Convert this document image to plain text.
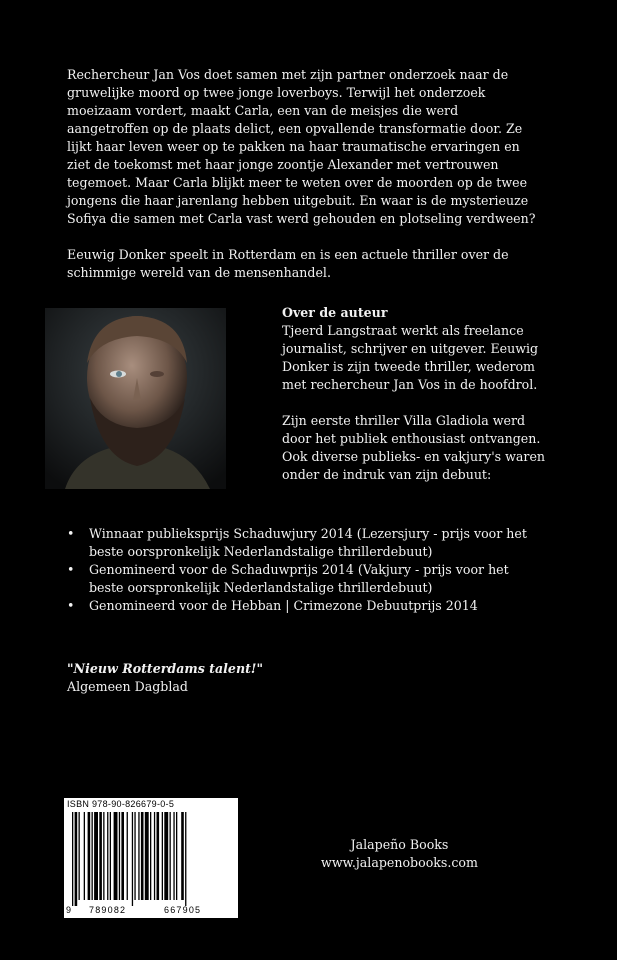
Rechercheur Jan Vos doet samen met zijn partner onderzoek naar de gruwelijke moord op twee jonge loverboys. Terwijl het onderzoek moeizaam vordert, maakt Carla, een van de meisjes die werd aangetroffen op de plaats delict, een opvallende transformatie door. Ze lijkt haar leven weer op te pakken na haar traumatische ervaringen en ziet de toekomst met haar jonge zoontje Alexander met vertrouwen tegemoet. Maar Carla blijkt meer te weten over de moorden op de twee jongens die haar jarenlang hebben uitgebuit. En waar is de mysterieuze Sofiya die samen met Carla vast werd gehouden en plotseling verdween?

Eeuwig Donker speelt in Rotterdam en is een actuele thriller over de schimmige wereld van de mensenhandel.

Over de auteur

Tjeerd Langstraat werkt als freelance journalist, schrijver en uitgever. Eeuwig Donker is zijn tweede thriller, wederom met rechercheur Jan Vos in de hoofdrol.

Zijn eerste thriller Villa Gladiola werd door het publiek enthousiast ontvangen. Ook diverse publieks- en vakjury's waren onder de indruk van zijn debuut:

• Winnaar publieksprijs Schaduwjury 2014 (Lezersjury - prijs voor het beste oorspronkelijk Nederlandstalige thrillerdebuut)
• Genomineerd voor de Schaduwprijs 2014 (Vakjury - prijs voor het beste oorspronkelijk Nederlandstalige thrillerdebuut)
• Genomineerd voor de Hebban | Crimezone Debuutprijs 2014
"Nieuw Rotterdams talent!"
Algemeen Dagblad
ISBN 978-90-826679-0-5
9 789082	667905
Jalapeño Books
www.jalapenobooks.com
